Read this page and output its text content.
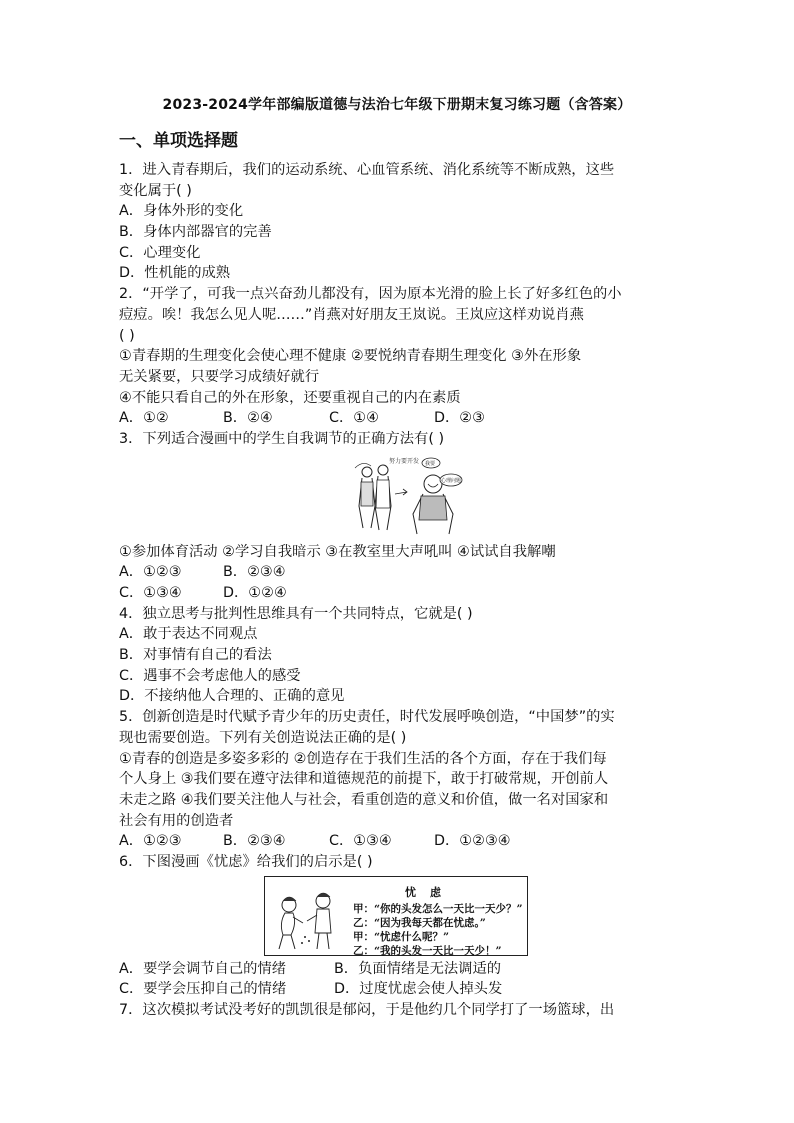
2023-2024学年部编版道德与法治七年级下册期末复习练习题（含答案）
一、单项选择题
1．进入青春期后，我们的运动系统、心血管系统、消化系统等不断成熟，这些
变化属于( )
A．身体外形的变化
B．身体内部器官的完善
C．心理变化
D．性机能的成熟
2．“开学了，可我一点兴奋劲儿都没有，因为原本光滑的脸上长了好多红色的小
痘痘。唉！我怎么见人呢……”肖燕对好朋友王岚说。王岚应这样劝说肖燕
( )
①青春期的生理变化会使心理不健康 ②要悦纳青春期生理变化 ③外在形象
无关紧要，只要学习成绩好就行
④不能只看自己的外在形象，还要重视自己的内在素质
A．①②	B．②④	C．①④	D．②③
3．下列适合漫画中的学生自我调节的正确方法有( )
努力要开发 我要
心理问题
①参加体育活动 ②学习自我暗示 ③在教室里大声吼叫 ④试试自我解嘲
A．①②③	B．②③④
C．①③④	D．①②④
4．独立思考与批判性思维具有一个共同特点，它就是( )
A．敢于表达不同观点
B．对事情有自己的看法
C．遇事不会考虑他人的感受
D．不接纳他人合理的、正确的意见
5．创新创造是时代赋予青少年的历史责任，时代发展呼唤创造，“中国梦”的实
现也需要创造。下列有关创造说法正确的是( )
①青春的创造是多姿多彩的 ②创造存在于我们生活的各个方面，存在于我们每
个人身上 ③我们要在遵守法律和道德规范的前提下，敢于打破常规，开创前人
未走之路 ④我们要关注他人与社会，看重创造的意义和价值，做一名对国家和
社会有用的创造者
A．①②③	B．②③④	C．①③④	D．①②③④
6．下图漫画《忧虑》给我们的启示是( )
忧虑
甲：“你的头发怎么一天比一天少？”
乙：“因为我每天都在忧虑。”
甲：“忧虑什么呢？”
乙：“我的头发一天比一天少！”
A．要学会调节自己的情绪	B．负面情绪是无法调适的
C．要学会压抑自己的情绪	D．过度忧虑会使人掉头发
7．这次模拟考试没考好的凯凯很是郁闷，于是他约几个同学打了一场篮球，出
